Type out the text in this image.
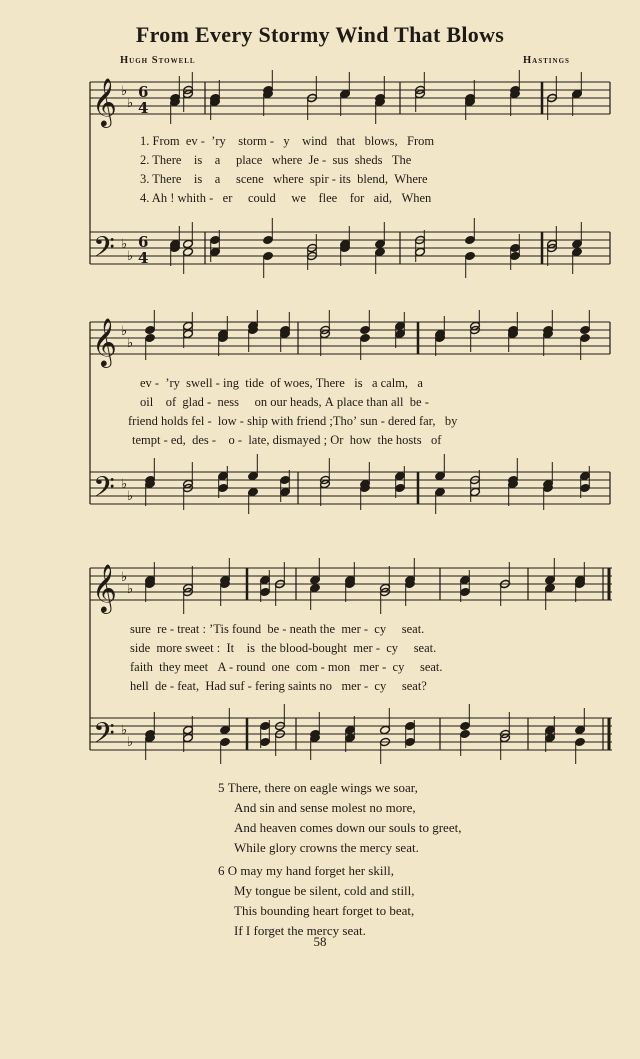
From Every Stormy Wind That Blows
Hugh Stowell	Hastings
𝄞
𝄢
♭
♭
♭
♭
6
4
6
4
1. From ev - ’ry storm - y wind that blows, From
2. There is a place where Je - sus sheds The
3. There is a scene where spir - its blend, Where
4. Ah ! whith - er could we flee for aid, When
𝄞
𝄢
♭
♭
♭
♭
ev - ’ry swell - ing tide of woes, There is a calm, a
oil of glad - ness on our heads, A place than all be -
friend holds fel - low - ship with friend ;Tho’ sun - dered far, by
tempt - ed, des - o - late, dismayed ; Or how the hosts of
𝄞
𝄢
♭
♭
♭
♭
sure re - treat : ’Tis found be - neath the mer - cy seat.
side more sweet : It is the blood-bought mer - cy seat.
faith they meet A - round one com - mon mer - cy seat.
hell de - feat, Had suf - fering saints no mer - cy seat?
5 There, there on eagle wings we soar,
And sin and sense molest no more,
And heaven comes down our souls to greet,
While glory crowns the mercy seat.
6 O may my hand forget her skill,
My tongue be silent, cold and still,
This bounding heart forget to beat,
If I forget the mercy seat.
58
